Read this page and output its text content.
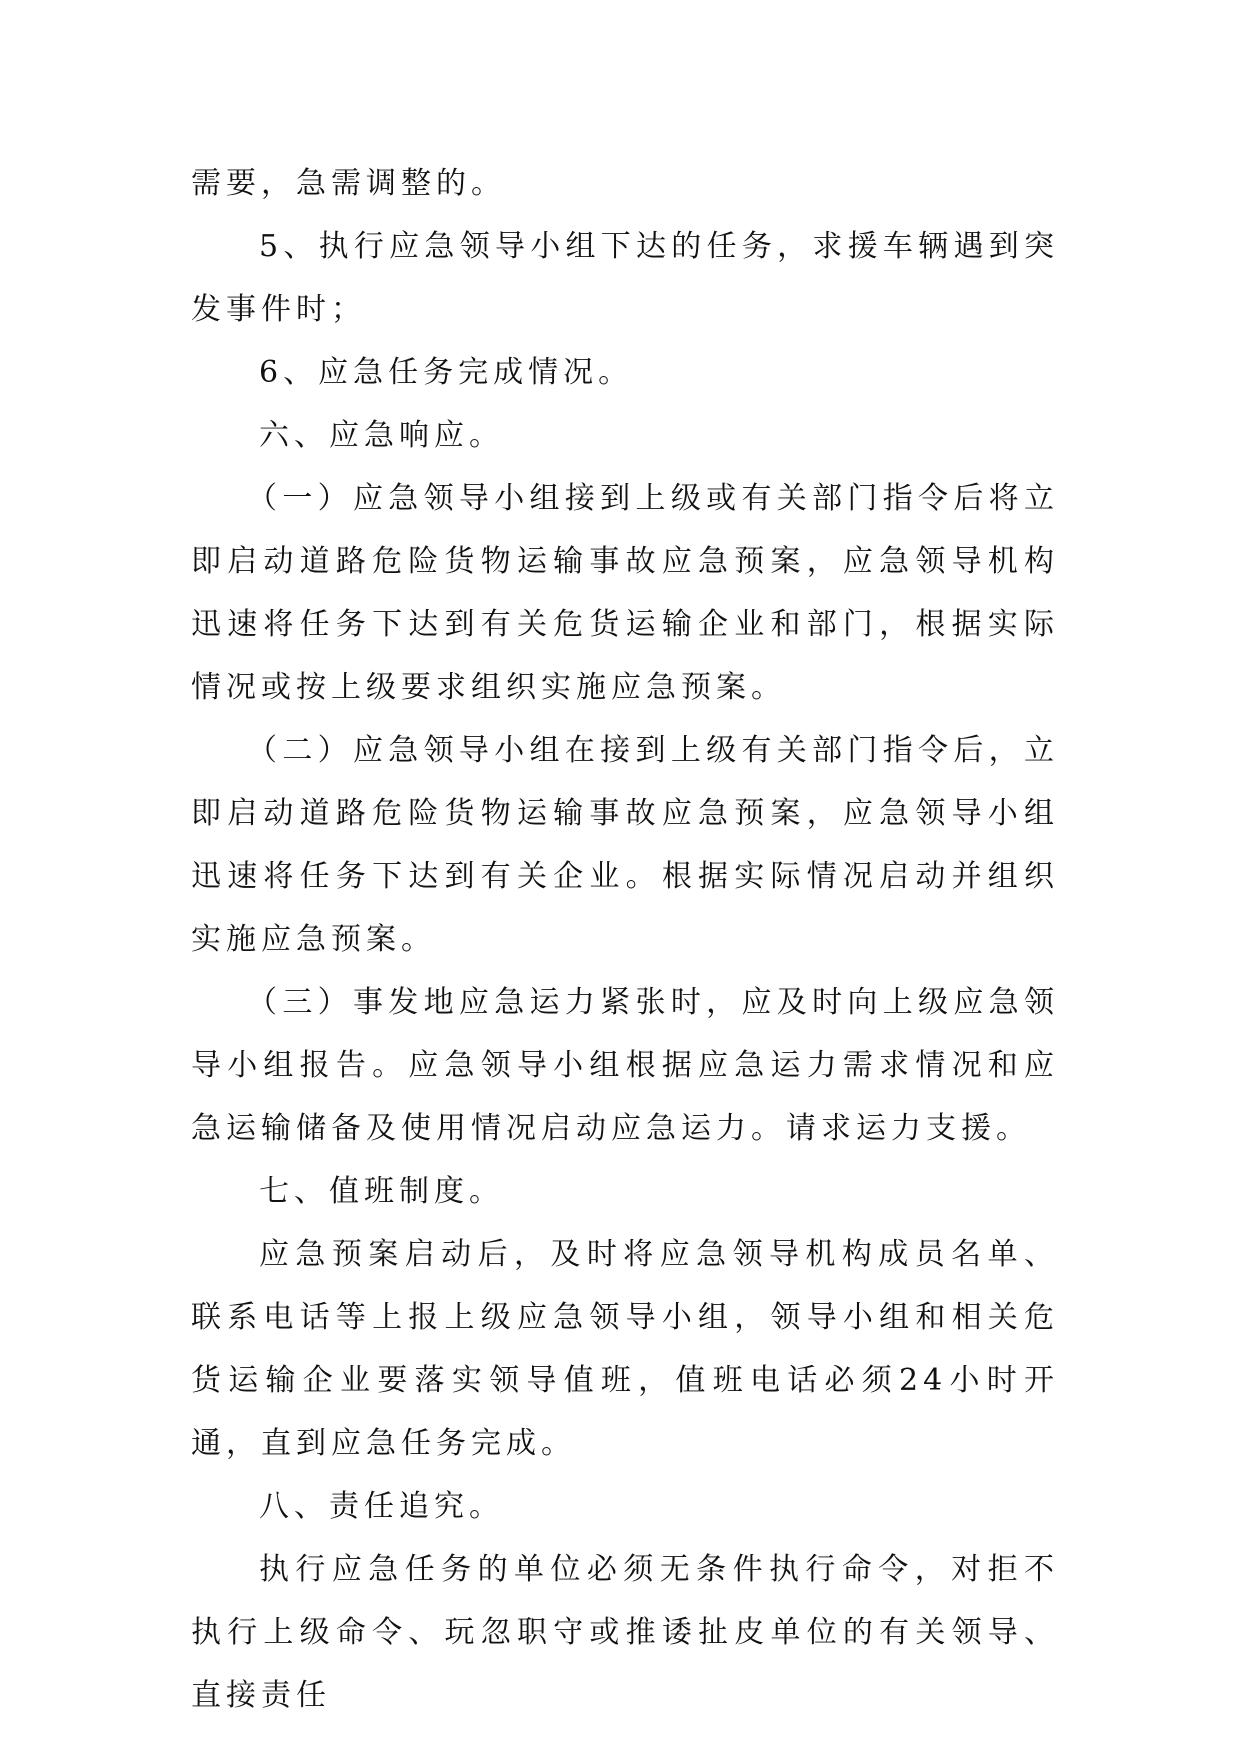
需要，急需调整的。

5、执行应急领导小组下达的任务，求援车辆遇到突发事件时；

6、应急任务完成情况。

六、应急响应。

（一）应急领导小组接到上级或有关部门指令后将立即启动道路危险货物运输事故应急预案，应急领导机构迅速将任务下达到有关危货运输企业和部门，根据实际情况或按上级要求组织实施应急预案。

（二）应急领导小组在接到上级有关部门指令后，立即启动道路危险货物运输事故应急预案，应急领导小组迅速将任务下达到有关企业。根据实际情况启动并组织实施应急预案。

（三）事发地应急运力紧张时，应及时向上级应急领导小组报告。应急领导小组根据应急运力需求情况和应急运输储备及使用情况启动应急运力。请求运力支援。

七、值班制度。

应急预案启动后，及时将应急领导机构成员名单、联系电话等上报上级应急领导小组，领导小组和相关危货运输企业要落实领导值班，值班电话必须24小时开通，直到应急任务完成。

八、责任追究。

执行应急任务的单位必须无条件执行命令，对拒不执行上级命令、玩忽职守或推诿扯皮单位的有关领导、直接责任
